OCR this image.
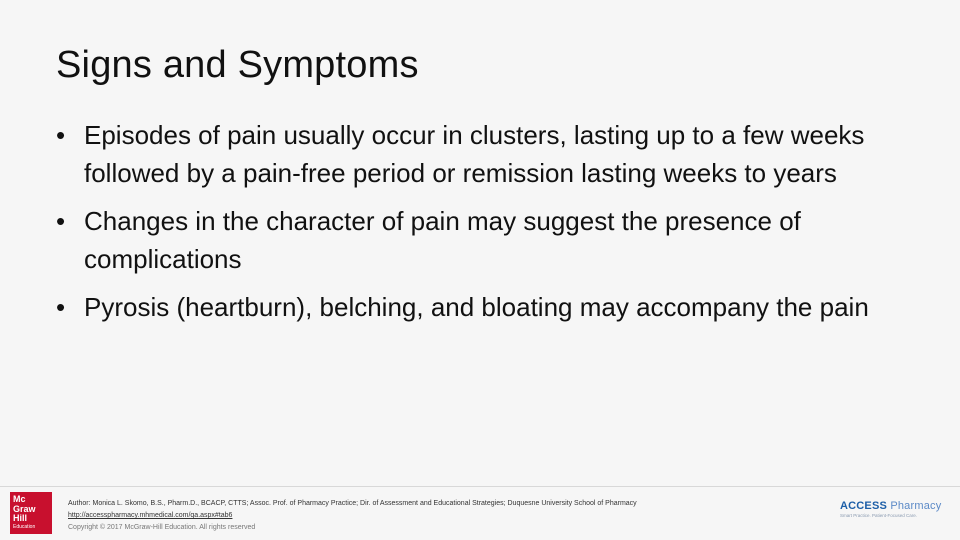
Signs and Symptoms
• Episodes of pain usually occur in clusters, lasting up to a few weeks followed by a pain-free period or remission lasting weeks to years
• Changes in the character of pain may suggest the presence of complications
• Pyrosis (heartburn), belching, and bloating may accompany the pain
Mc
Graw
Hill
Education
Author: Monica L. Skomo, B.S., Pharm.D., BCACP, CTTS; Assoc. Prof. of Pharmacy Practice; Dir. of Assessment and Educational Strategies; Duquesne University School of Pharmacy
http://accesspharmacy.mhmedical.com/qa.aspx#tab6
Copyright © 2017 McGraw-Hill Education. All rights reserved
ACCESS Pharmacy
Smart Practice. Patient-Focused Care.
